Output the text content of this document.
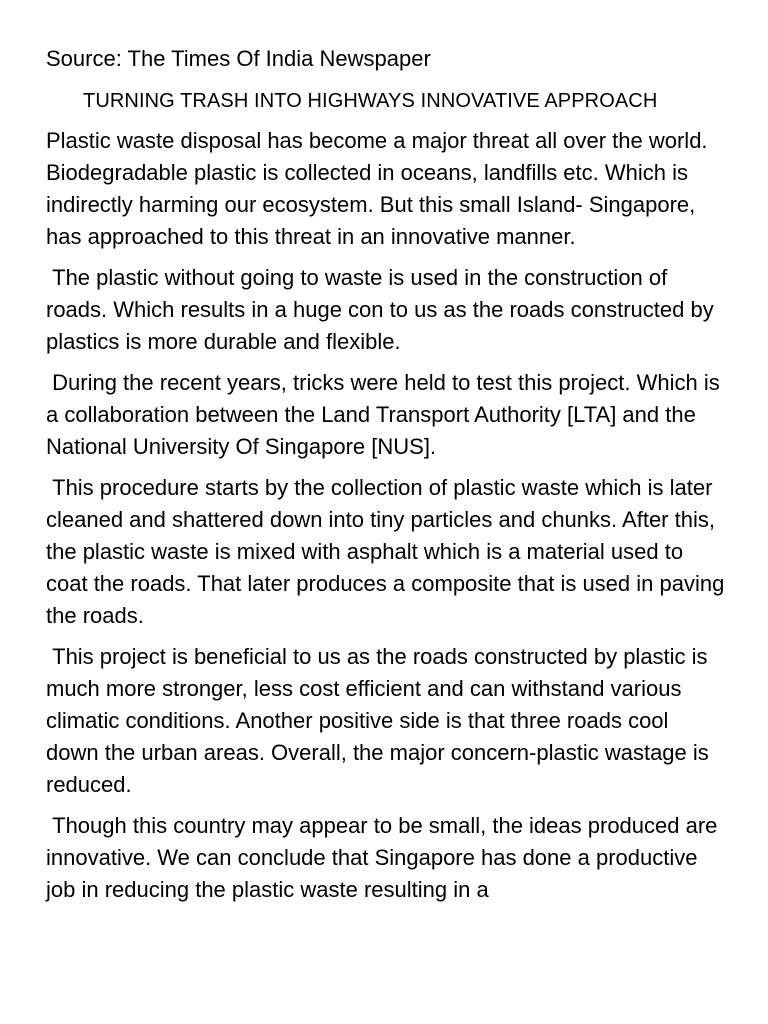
Source: The Times Of India Newspaper
TURNING TRASH INTO HIGHWAYS INNOVATIVE APPROACH

Plastic waste disposal has become a major threat all over the world. Biodegradable plastic is collected in oceans, landfills etc. Which is indirectly harming our ecosystem. But this small Island- Singapore, has approached to this threat in an innovative manner.

The plastic without going to waste is used in the construction of roads. Which results in a huge con to us as the roads constructed by plastics is more durable and flexible.

During the recent years, tricks were held to test this project. Which is a collaboration between the Land Transport Authority [LTA] and the National University Of Singapore [NUS].

This procedure starts by the collection of plastic waste which is later cleaned and shattered down into tiny particles and chunks. After this, the plastic waste is mixed with asphalt which is a material used to coat the roads. That later produces a composite that is used in paving the roads.

This project is beneficial to us as the roads constructed by plastic is much more stronger, less cost efficient and can withstand various climatic conditions. Another positive side is that three roads cool down the urban areas. Overall, the major concern-plastic wastage is reduced.

Though this country may appear to be small, the ideas produced are innovative. We can conclude that Singapore has done a productive job in reducing the plastic waste resulting in a
